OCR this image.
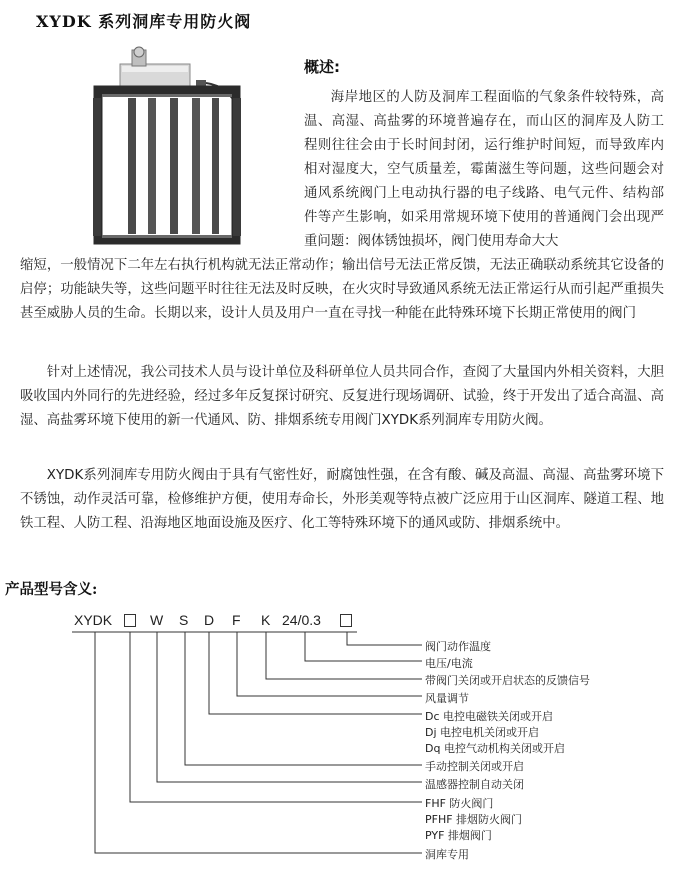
XYDK 系列洞库专用防火阀
概述:

海岸地区的人防及洞库工程面临的气象条件较特殊，高温、高湿、高盐雾的环境普遍存在，而山区的洞库及人防工程则往往会由于长时间封闭，运行维护时间短，而导致库内相对湿度大，空气质量差，霉菌滋生等问题，这些问题会对通风系统阀门上电动执行器的电子线路、电气元件、结构部件等产生影响，如采用常规环境下使用的普通阀门会出现严重问题：阀体锈蚀损坏，阀门使用寿命大大

缩短，一般情况下二年左右执行机构就无法正常动作；输出信号无法正常反馈，无法正确联动系统其它设备的启停；功能缺失等，这些问题平时往往无法及时反映，在火灾时导致通风系统无法正常运行从而引起严重损失甚至威胁人员的生命。长期以来，设计人员及用户一直在寻找一种能在此特殊环境下长期正常使用的阀门

针对上述情况，我公司技术人员与设计单位及科研单位人员共同合作，查阅了大量国内外相关资料，大胆吸收国内外同行的先进经验，经过多年反复探讨研究、反复进行现场调研、试验，终于开发出了适合高温、高湿、高盐雾环境下使用的新一代通风、防、排烟系统专用阀门XYDK系列洞库专用防火阀。

XYDK系列洞库专用防火阀由于具有气密性好，耐腐蚀性强，在含有酸、碱及高温、高湿、高盐雾环境下不锈蚀，动作灵活可靠，检修维护方便，使用寿命长，外形美观等特点被广泛应用于山区洞库、隧道工程、地铁工程、人防工程、沿海地区地面设施及医疗、化工等特殊环境下的通风或防、排烟系统中。

产品型号含义:
XYDK	W S D F K 24/0.3
阀门动作温度
电压/电流
带阀门关闭或开启状态的反馈信号
风量调节
Dc 电控电磁铁关闭或开启
Dj 电控电机关闭或开启
Dq 电控气动机构关闭或开启
手动控制关闭或开启
温感器控制自动关闭
FHF 防火阀门
PFHF 排烟防火阀门
PYF 排烟阀门
洞库专用
